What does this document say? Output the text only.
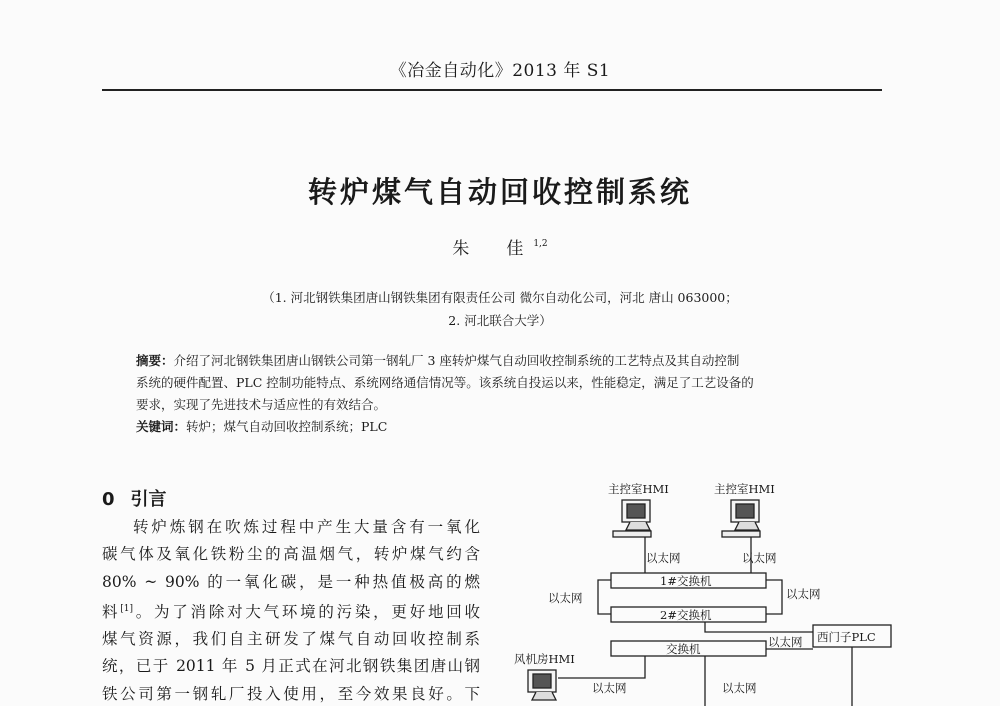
《冶金自动化》2013 年 S1
转炉煤气自动回收控制系统
朱　佳$^{1,2}$
（1. 河北钢铁集团唐山钢铁集团有限责任公司 微尔自动化公司，河北 唐山 063000；
2. 河北联合大学）
摘要：介绍了河北钢铁集团唐山钢铁公司第一钢轧厂 3 座转炉煤气自动回收控制系统的工艺特点及其自动控制
系统的硬件配置、PLC 控制功能特点、系统网络通信情况等。该系统自投运以来，性能稳定，满足了工艺设备的
要求，实现了先进技术与适应性的有效结合。
关键词：转炉；煤气自动回收控制系统；PLC
0 引言
转炉炼钢在吹炼过程中产生大量含有一氧化
碳气体及氧化铁粉尘的高温烟气，转炉煤气约含
80% ~ 90% 的一氧化碳，是一种热值极高的燃
料[1]。为了消除对大气环境的污染，更好地回收
煤气资源，我们自主研发了煤气自动回收控制系
统，已于 2011 年 5 月正式在河北钢铁集团唐山钢
铁公司第一钢轧厂投入使用，至今效果良好。下
主控室HMI	主控室HMI
以太网	以太网
1#交换机
以太网	以太网
2#交换机
以太网 西门子PLC
交换机
风机房HMI
以太网	以太网
